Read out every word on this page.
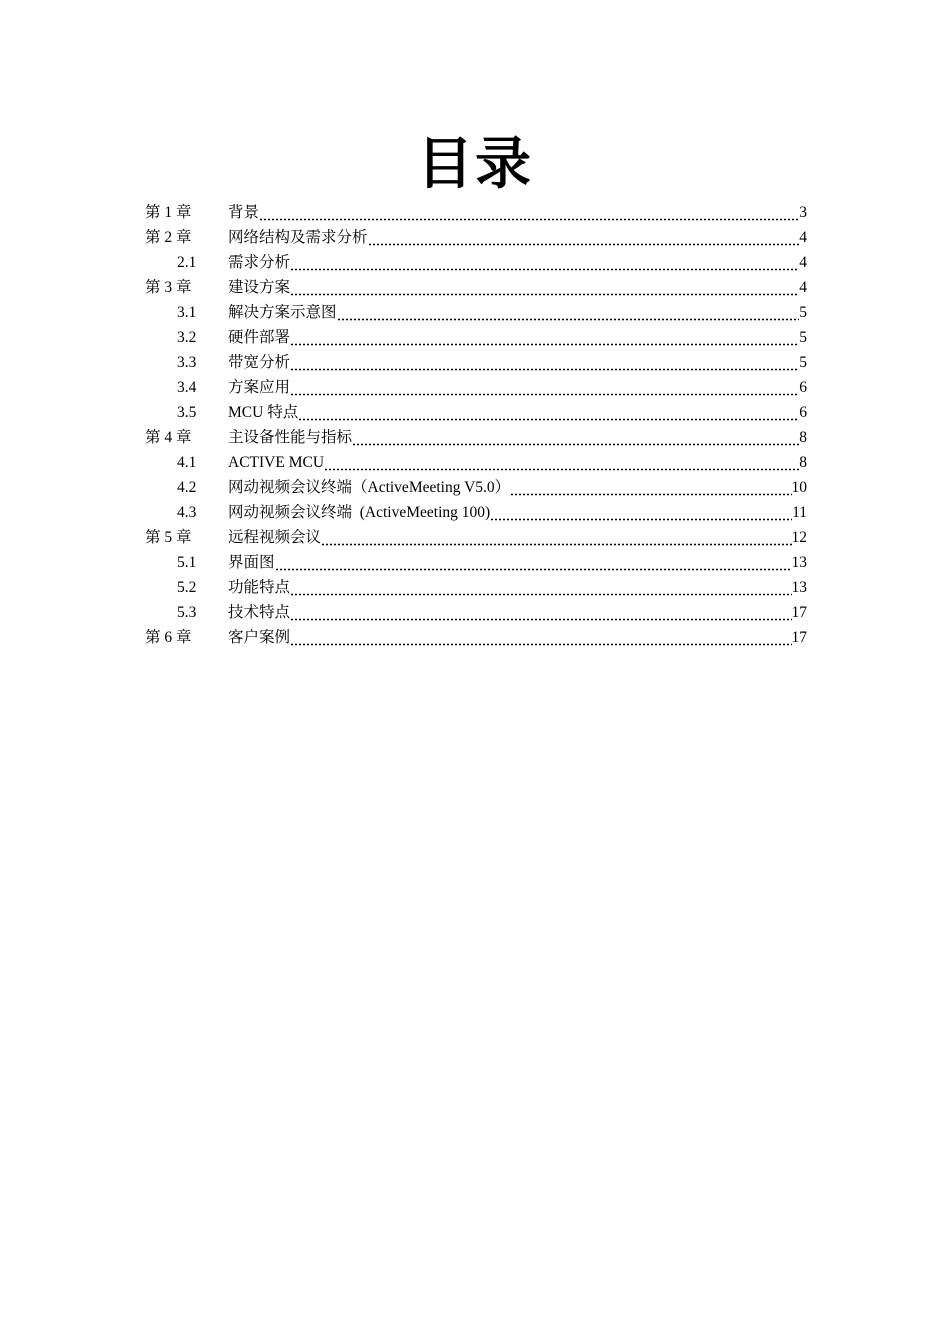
目录
第 1 章	背景	3
第 2 章	网络结构及需求分析	4
2.1	需求分析	4
第 3 章	建设方案	4
3.1	解决方案示意图	5
3.2	硬件部署	5
3.3	带宽分析	5
3.4	方案应用	6
3.5	MCU 特点	6
第 4 章	主设备性能与指标	8
4.1	ACTIVE MCU	8
4.2	网动视频会议终端（ActiveMeeting V5.0）	10
4.3	网动视频会议终端  (ActiveMeeting 100)	11
第 5 章	远程视频会议	12
5.1	界面图	13
5.2	功能特点	13
5.3	技术特点	17
第 6 章	客户案例	17
